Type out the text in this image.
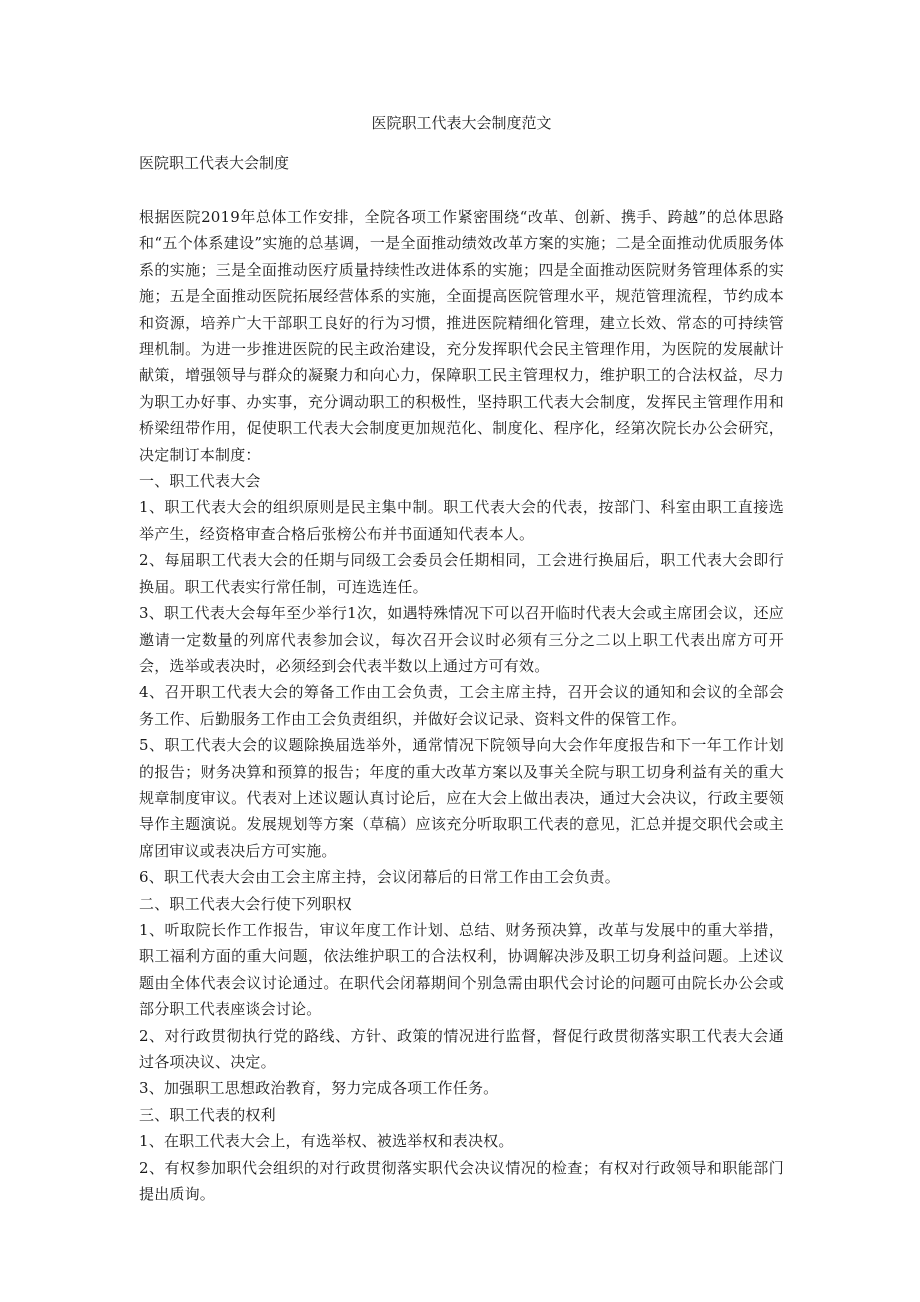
医院职工代表大会制度范文
医院职工代表大会制度

根据医院2019年总体工作安排，全院各项工作紧密围绕“改革、创新、携手、跨越”的总体思路和“五个体系建设”实施的总基调，一是全面推动绩效改革方案的实施；二是全面推动优质服务体系的实施；三是全面推动医疗质量持续性改进体系的实施；四是全面推动医院财务管理体系的实施；五是全面推动医院拓展经营体系的实施，全面提高医院管理水平，规范管理流程，节约成本和资源，培养广大干部职工良好的行为习惯，推进医院精细化管理，建立长效、常态的可持续管理机制。为进一步推进医院的民主政治建设，充分发挥职代会民主管理作用，为医院的发展献计献策，增强领导与群众的凝聚力和向心力，保障职工民主管理权力，维护职工的合法权益，尽力为职工办好事、办实事，充分调动职工的积极性，坚持职工代表大会制度，发挥民主管理作用和桥梁纽带作用，促使职工代表大会制度更加规范化、制度化、程序化，经第次院长办公会研究，决定制订本制度：

一、职工代表大会

1、职工代表大会的组织原则是民主集中制。职工代表大会的代表，按部门、科室由职工直接选举产生，经资格审查合格后张榜公布并书面通知代表本人。

2、每届职工代表大会的任期与同级工会委员会任期相同，工会进行换届后，职工代表大会即行换届。职工代表实行常任制，可连选连任。

3、职工代表大会每年至少举行1次，如遇特殊情况下可以召开临时代表大会或主席团会议，还应邀请一定数量的列席代表参加会议，每次召开会议时必须有三分之二以上职工代表出席方可开会，选举或表决时，必须经到会代表半数以上通过方可有效。

4、召开职工代表大会的筹备工作由工会负责，工会主席主持，召开会议的通知和会议的全部会务工作、后勤服务工作由工会负责组织，并做好会议记录、资料文件的保管工作。

5、职工代表大会的议题除换届选举外，通常情况下院领导向大会作年度报告和下一年工作计划的报告；财务决算和预算的报告；年度的重大改革方案以及事关全院与职工切身利益有关的重大规章制度审议。代表对上述议题认真讨论后，应在大会上做出表决，通过大会决议，行政主要领导作主题演说。发展规划等方案（草稿）应该充分听取职工代表的意见，汇总并提交职代会或主席团审议或表决后方可实施。

6、职工代表大会由工会主席主持，会议闭幕后的日常工作由工会负责。

二、职工代表大会行使下列职权

1、听取院长作工作报告，审议年度工作计划、总结、财务预决算，改革与发展中的重大举措，职工福利方面的重大问题，依法维护职工的合法权利，协调解决涉及职工切身利益问题。上述议题由全体代表会议讨论通过。在职代会闭幕期间个别急需由职代会讨论的问题可由院长办公会或部分职工代表座谈会讨论。

2、对行政贯彻执行党的路线、方针、政策的情况进行监督，督促行政贯彻落实职工代表大会通过各项决议、决定。

3、加强职工思想政治教育，努力完成各项工作任务。

三、职工代表的权利

1、在职工代表大会上，有选举权、被选举权和表决权。

2、有权参加职代会组织的对行政贯彻落实职代会决议情况的检查；有权对行政领导和职能部门提出质询。
